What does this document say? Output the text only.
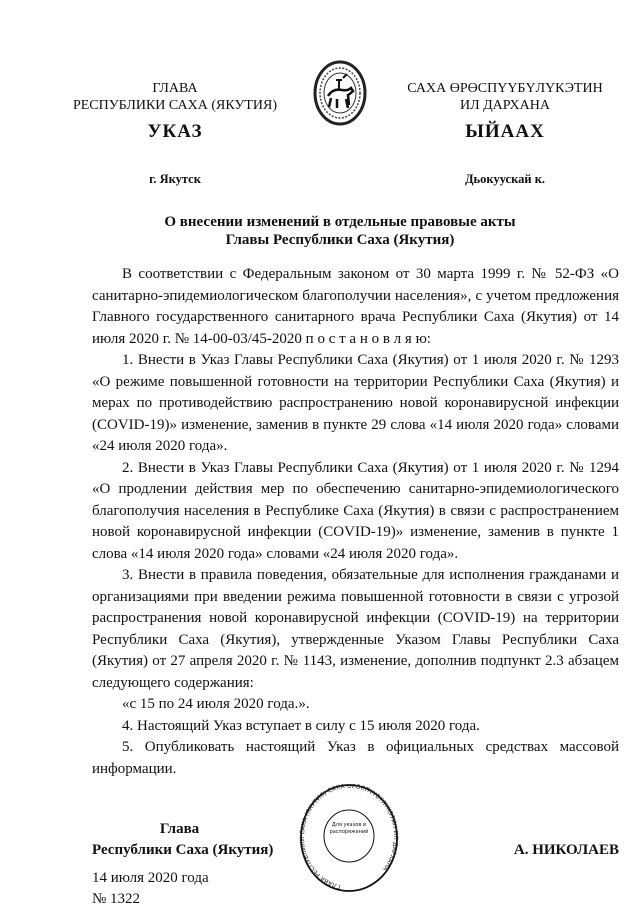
ГЛАВА
РЕСПУБЛИКИ САХА (ЯКУТИЯ)
САХА ӨРӨСПҮҮБҮЛҮКЭТИН
ИЛ ДАРХАНА
УКАЗ	ЫЙААХ
г. Якутск	Дьокуускай к.
О внесении изменений в отдельные правовые акты
Главы Республики Саха (Якутия)

В соответствии с Федеральным законом от 30 марта 1999 г. № 52-ФЗ «О санитарно-эпидемиологическом благополучии населения», с учетом предложения Главного государственного санитарного врача Республики Саха (Якутия) от 14 июля 2020 г. № 14-00-03/45-2020 п о с т а н о в л я ю:

1. Внести в Указ Главы Республики Саха (Якутия) от 1 июля 2020 г. № 1293 «О режиме повышенной готовности на территории Республики Саха (Якутия) и мерах по противодействию распространению новой коронавирусной инфекции (COVID-19)» изменение, заменив в пункте 29 слова «14 июля 2020 года» словами «24 июля 2020 года».

2. Внести в Указ Главы Республики Саха (Якутия) от 1 июля 2020 г. № 1294 «О продлении действия мер по обеспечению санитарно-эпидемиологического благополучия населения в Республике Саха (Якутия) в связи с распространением новой коронавирусной инфекции (COVID-19)» изменение, заменив в пункте 1 слова «14 июля 2020 года» словами «24 июля 2020 года».

3. Внести в правила поведения, обязательные для исполнения гражданами и организациями при введении режима повышенной готовности в связи с угрозой распространения новой коронавирусной инфекции (COVID-19) на территории Республики Саха (Якутия), утвержденные Указом Главы Республики Саха (Якутия) от 27 апреля 2020 г. № 1143, изменение, дополнив подпункт 2.3 абзацем следующего содержания:

«с 15 по 24 июля 2020 года.».

4. Настоящий Указ вступает в силу с 15 июля 2020 года.

5. Опубликовать настоящий Указ в официальных средствах массовой информации.

Глава
Республики Саха (Якутия)
ГЛАВА РЕСПУБЛИКИ САХА (ЯКУТИЯ) САХА ӨРӨСПҮҮБҮЛҮКЭТИН ИЛ ДАРХАНА
Для указов и распоряжений
А. НИКОЛАЕВ
14 июля 2020 года
№ 1322
